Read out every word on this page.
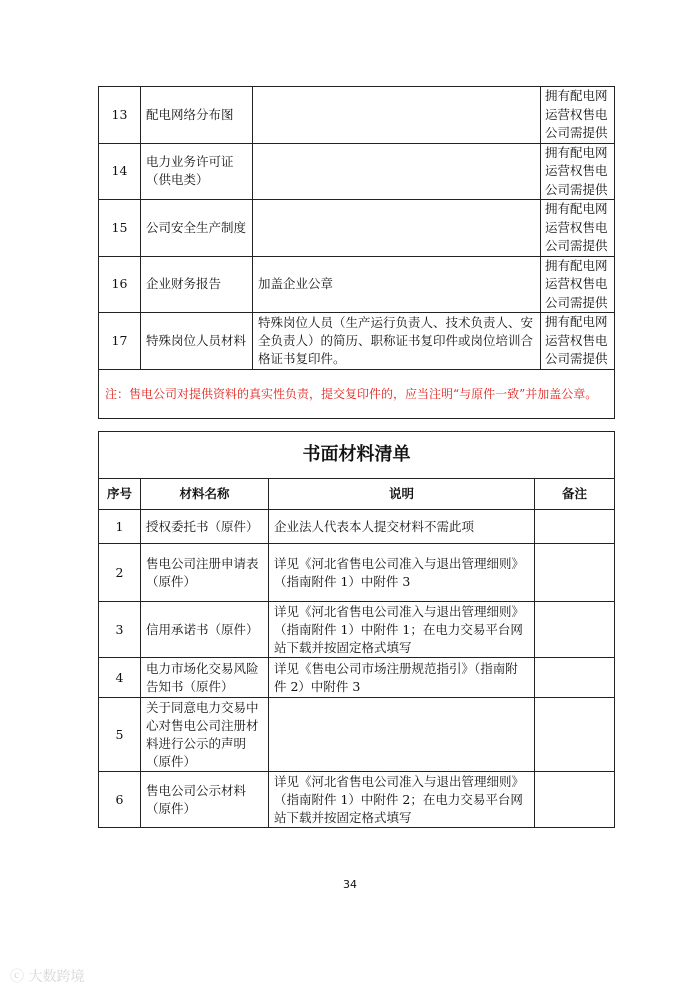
13	配电网络分布图		拥有配电网运营权售电公司需提供
14	电力业务许可证（供电类）		拥有配电网运营权售电公司需提供
15	公司安全生产制度		拥有配电网运营权售电公司需提供
16	企业财务报告	加盖企业公章	拥有配电网运营权售电公司需提供
17	特殊岗位人员材料	特殊岗位人员（生产运行负责人、技术负责人、安全负责人）的简历、职称证书复印件或岗位培训合格证书复印件。	拥有配电网运营权售电公司需提供
注：售电公司对提供资料的真实性负责，提交复印件的，应当注明“与原件一致”并加盖公章。			
书面材料清单			
序号	材料名称	说明	备注
1	授权委托书（原件）	企业法人代表本人提交材料不需此项	
2	售电公司注册申请表（原件）	详见《河北省售电公司准入与退出管理细则》（指南附件 1）中附件 3	
3	信用承诺书（原件）	详见《河北省售电公司准入与退出管理细则》（指南附件 1）中附件 1；在电力交易平台网站下载并按固定格式填写	
4	电力市场化交易风险告知书（原件）	详见《售电公司市场注册规范指引》（指南附件 2）中附件 3	
5	关于同意电力交易中心对售电公司注册材料进行公示的声明（原件）		
6	售电公司公示材料（原件）	详见《河北省售电公司准入与退出管理细则》（指南附件 1）中附件 2；在电力交易平台网站下载并按固定格式填写	
34
ⓒ 大数跨境
